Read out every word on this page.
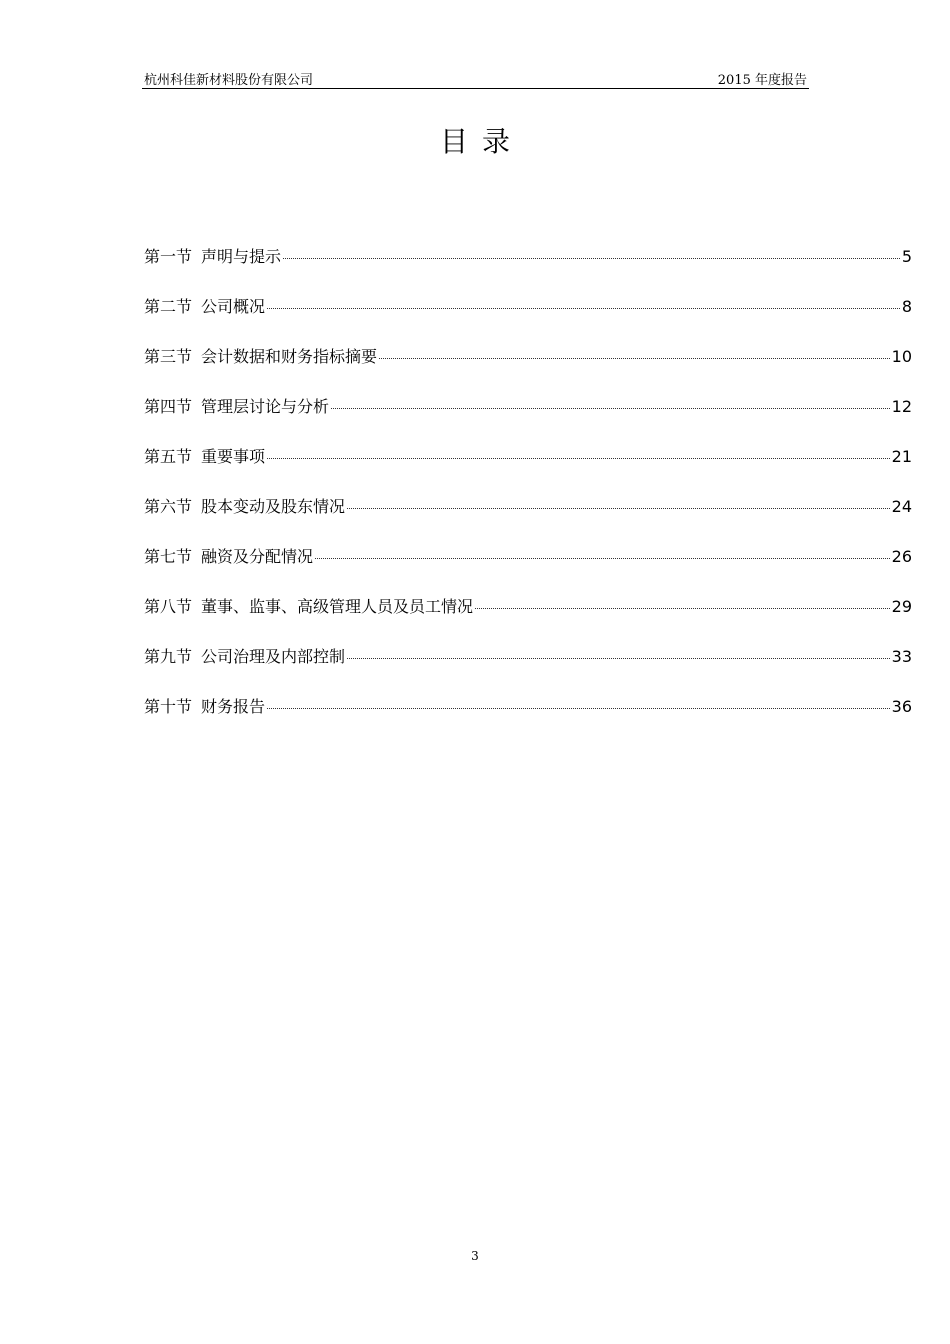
杭州科佳新材料股份有限公司	2015 年度报告
目录
第一节 声明与提示	5
第二节 公司概况	8
第三节 会计数据和财务指标摘要	10
第四节 管理层讨论与分析	12
第五节 重要事项	21
第六节 股本变动及股东情况	24
第七节 融资及分配情况	26
第八节 董事、监事、高级管理人员及员工情况	29
第九节 公司治理及内部控制	33
第十节 财务报告	36
3
